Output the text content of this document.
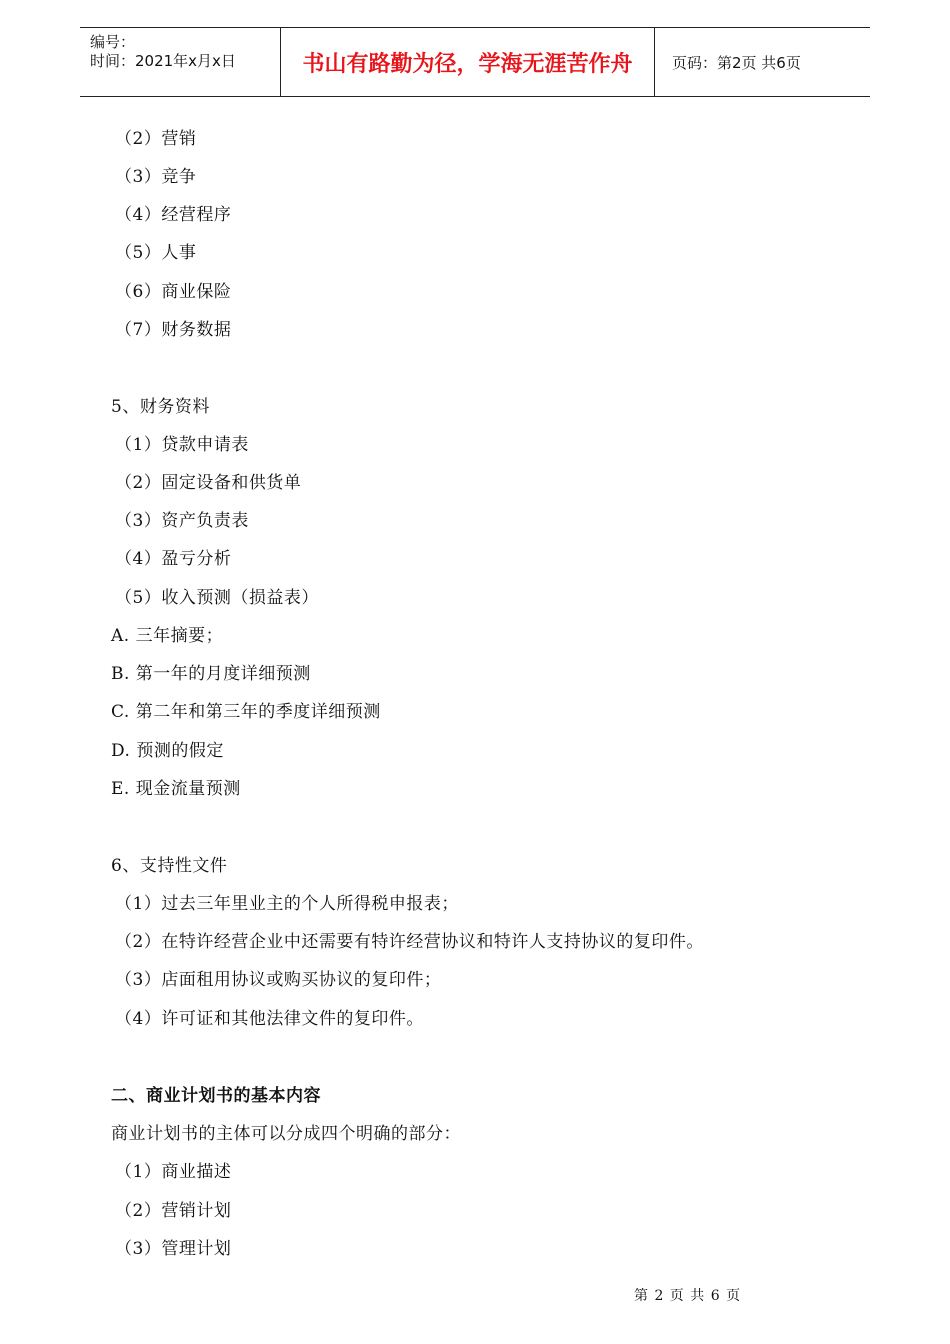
编号：
时间：2021年x月x日	书山有路勤为径，学海无涯苦作舟	页码：第2页 共6页
（2）营销
（3）竞争
（4）经营程序
（5）人事
（6）商业保险
（7）财务数据
5、财务资料
（1）贷款申请表
（2）固定设备和供货单
（3）资产负责表
（4）盈亏分析
（5）收入预测（损益表）
A. 三年摘要；
B. 第一年的月度详细预测
C. 第二年和第三年的季度详细预测
D. 预测的假定
E. 现金流量预测
6、支持性文件
（1）过去三年里业主的个人所得税申报表；
（2）在特许经营企业中还需要有特许经营协议和特许人支持协议的复印件。
（3）店面租用协议或购买协议的复印件；
（4）许可证和其他法律文件的复印件。
二、商业计划书的基本内容
商业计划书的主体可以分成四个明确的部分：
（1）商业描述
（2）营销计划
（3）管理计划
第 2 页 共 6 页
